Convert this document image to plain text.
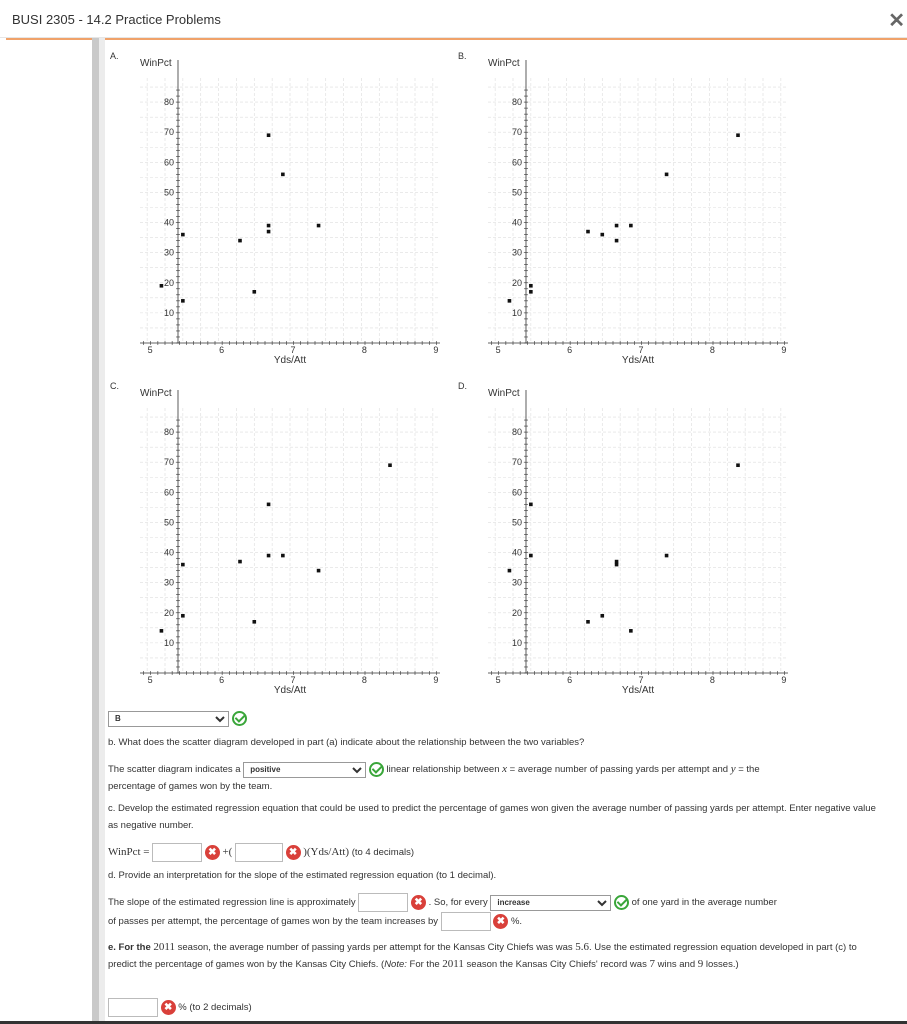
BUSI 2305 - 14.2 Practice Problems	✕
A.
10
20
30
40
50
60
70
80
5	6	7	8	9
WinPct
Yds/Att
B.
10
20
30
40
50
60
70
80
5	6	7	8	9
WinPct
Yds/Att
C.
10
20
30
40
50
60
70
80
5	6	7	8	9
WinPct
Yds/Att
D.
10
20
30
40
50
60
70
80
5	6	7	8	9
WinPct
Yds/Att
B
b. What does the scatter diagram developed in part (a) indicate about the relationship between the two variables?
The scatter diagram indicates a
positive	linear relationship between x = average number of passing yards per attempt and y = the
percentage of games won by the team.
c. Develop the estimated regression equation that could be used to predict the percentage of games won given the average number of passing yards per attempt. Enter negative value as negative number.
WinPct =	✖ +(	✖ )(Yds/Att) (to 4 decimals)
d. Provide an interpretation for the slope of the estimated regression equation (to 1 decimal).
The slope of the estimated regression line is approximately	✖ . So, for every
increase	of one yard in the average number
of passes per attempt, the percentage of games won by the team increases by	✖ %.
e. For the 2011 season, the average number of passing yards per attempt for the Kansas City Chiefs was was 5.6. Use the estimated regression equation developed in part (c) to predict the percentage of games won by the Kansas City Chiefs. (Note: For the 2011 season the Kansas City Chiefs' record was 7 wins and 9 losses.)
✖ % (to 2 decimals)
